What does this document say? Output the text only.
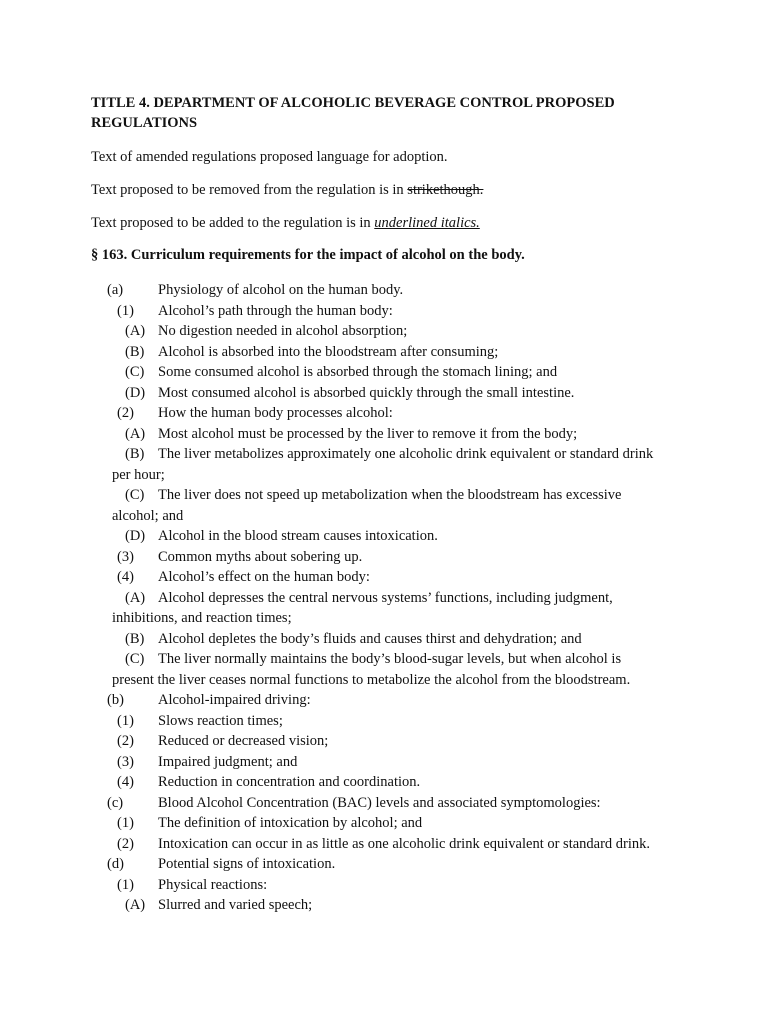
TITLE 4. DEPARTMENT OF ALCOHOLIC BEVERAGE CONTROL PROPOSED REGULATIONS
Text of amended regulations proposed language for adoption.
Text proposed to be removed from the regulation is in strikethough.
Text proposed to be added to the regulation is in underlined italics.
§ 163. Curriculum requirements for the impact of alcohol on the body.
(a) Physiology of alcohol on the human body.
(1) Alcohol’s path through the human body:
(A) No digestion needed in alcohol absorption;
(B) Alcohol is absorbed into the bloodstream after consuming;
(C) Some consumed alcohol is absorbed through the stomach lining; and
(D) Most consumed alcohol is absorbed quickly through the small intestine.
(2) How the human body processes alcohol:
(A) Most alcohol must be processed by the liver to remove it from the body;
(B) The liver metabolizes approximately one alcoholic drink equivalent or standard drink
per hour;
(C) The liver does not speed up metabolization when the bloodstream has excessive
alcohol; and
(D) Alcohol in the blood stream causes intoxication.
(3) Common myths about sobering up.
(4) Alcohol’s effect on the human body:
(A) Alcohol depresses the central nervous systems’ functions, including judgment,
inhibitions, and reaction times;
(B) Alcohol depletes the body’s fluids and causes thirst and dehydration; and
(C) The liver normally maintains the body’s blood-sugar levels, but when alcohol is
present the liver ceases normal functions to metabolize the alcohol from the bloodstream.
(b) Alcohol-impaired driving:
(1) Slows reaction times;
(2) Reduced or decreased vision;
(3) Impaired judgment; and
(4) Reduction in concentration and coordination.
(c) Blood Alcohol Concentration (BAC) levels and associated symptomologies:
(1) The definition of intoxication by alcohol; and
(2) Intoxication can occur in as little as one alcoholic drink equivalent or standard drink.
(d) Potential signs of intoxication.
(1) Physical reactions:
(A) Slurred and varied speech;
